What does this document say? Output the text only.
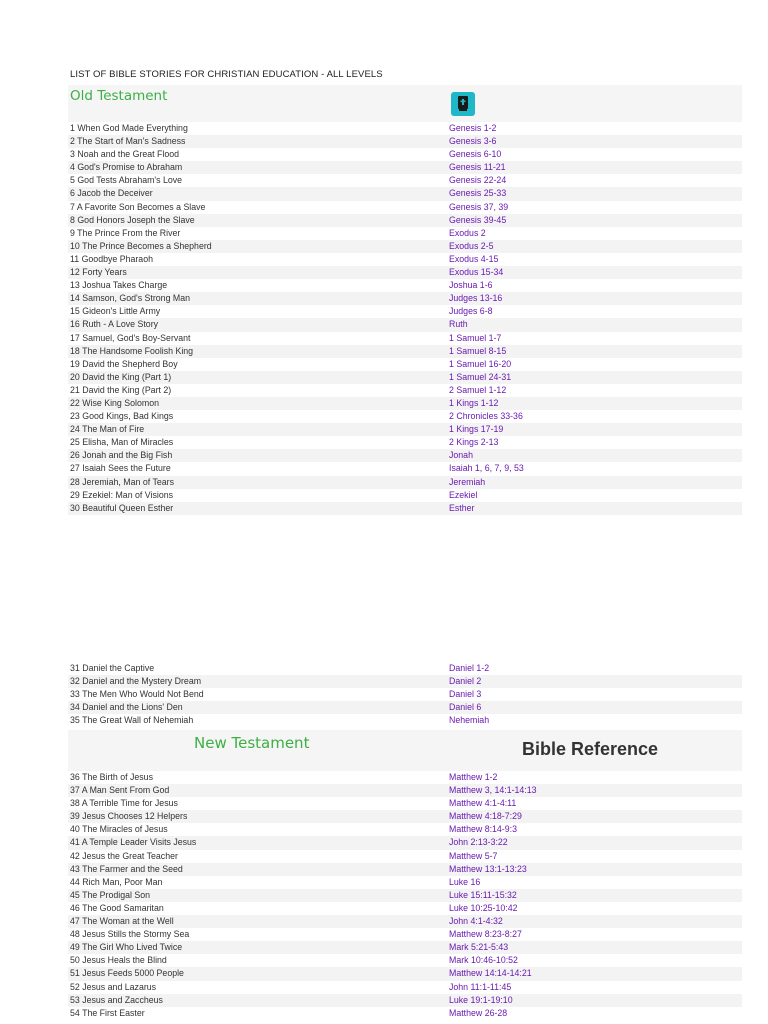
LIST OF BIBLE STORIES FOR CHRISTIAN EDUCATION - ALL LEVELS
Old Testament
1 When God Made Everything	Genesis 1-2
2 The Start of Man's Sadness	Genesis 3-6
3 Noah and the Great Flood	Genesis 6-10
4 God's Promise to Abraham	Genesis 11-21
5 God Tests Abraham's Love	Genesis 22-24
6 Jacob the Deceiver	Genesis 25-33
7 A Favorite Son Becomes a Slave	Genesis 37, 39
8 God Honors Joseph the Slave	Genesis 39-45
9 The Prince From the River	Exodus 2
10 The Prince Becomes a Shepherd	Exodus 2-5
11 Goodbye Pharaoh	Exodus 4-15
12 Forty Years	Exodus 15-34
13 Joshua Takes Charge	Joshua 1-6
14 Samson, God's Strong Man	Judges 13-16
15 Gideon's Little Army	Judges 6-8
16 Ruth - A Love Story	Ruth
17 Samuel, God's Boy-Servant	1 Samuel 1-7
18 The Handsome Foolish King	1 Samuel 8-15
19 David the Shepherd Boy	1 Samuel 16-20
20 David the King (Part 1)	1 Samuel 24-31
21 David the King (Part 2)	2 Samuel 1-12
22 Wise King Solomon	1 Kings 1-12
23 Good Kings, Bad Kings	2 Chronicles 33-36
24 The Man of Fire	1 Kings 17-19
25 Elisha, Man of Miracles	2 Kings 2-13
26 Jonah and the Big Fish	Jonah
27 Isaiah Sees the Future	Isaiah 1, 6, 7, 9, 53
28 Jeremiah, Man of Tears	Jeremiah
29 Ezekiel: Man of Visions	Ezekiel
30 Beautiful Queen Esther	Esther
31 Daniel the Captive	Daniel 1-2
32 Daniel and the Mystery Dream	Daniel 2
33 The Men Who Would Not Bend	Daniel 3
34 Daniel and the Lions' Den	Daniel 6
35 The Great Wall of Nehemiah	Nehemiah
New Testament	Bible Reference
36 The Birth of Jesus	Matthew 1-2
37 A Man Sent From God	Matthew 3, 14:1-14:13
38 A Terrible Time for Jesus	Matthew 4:1-4:11
39 Jesus Chooses 12 Helpers	Matthew 4:18-7:29
40 The Miracles of Jesus	Matthew 8:14-9:3
41 A Temple Leader Visits Jesus	John 2:13-3:22
42 Jesus the Great Teacher	Matthew 5-7
43 The Farmer and the Seed	Matthew 13:1-13:23
44 Rich Man, Poor Man	Luke 16
45 The Prodigal Son	Luke 15:11-15:32
46 The Good Samaritan	Luke 10:25-10:42
47 The Woman at the Well	John 4:1-4:32
48 Jesus Stills the Stormy Sea	Matthew 8:23-8:27
49 The Girl Who Lived Twice	Mark 5:21-5:43
50 Jesus Heals the Blind	Mark 10:46-10:52
51 Jesus Feeds 5000 People	Matthew 14:14-14:21
52 Jesus and Lazarus	John 11:1-11:45
53 Jesus and Zaccheus	Luke 19:1-19:10
54 The First Easter	Matthew 26-28
